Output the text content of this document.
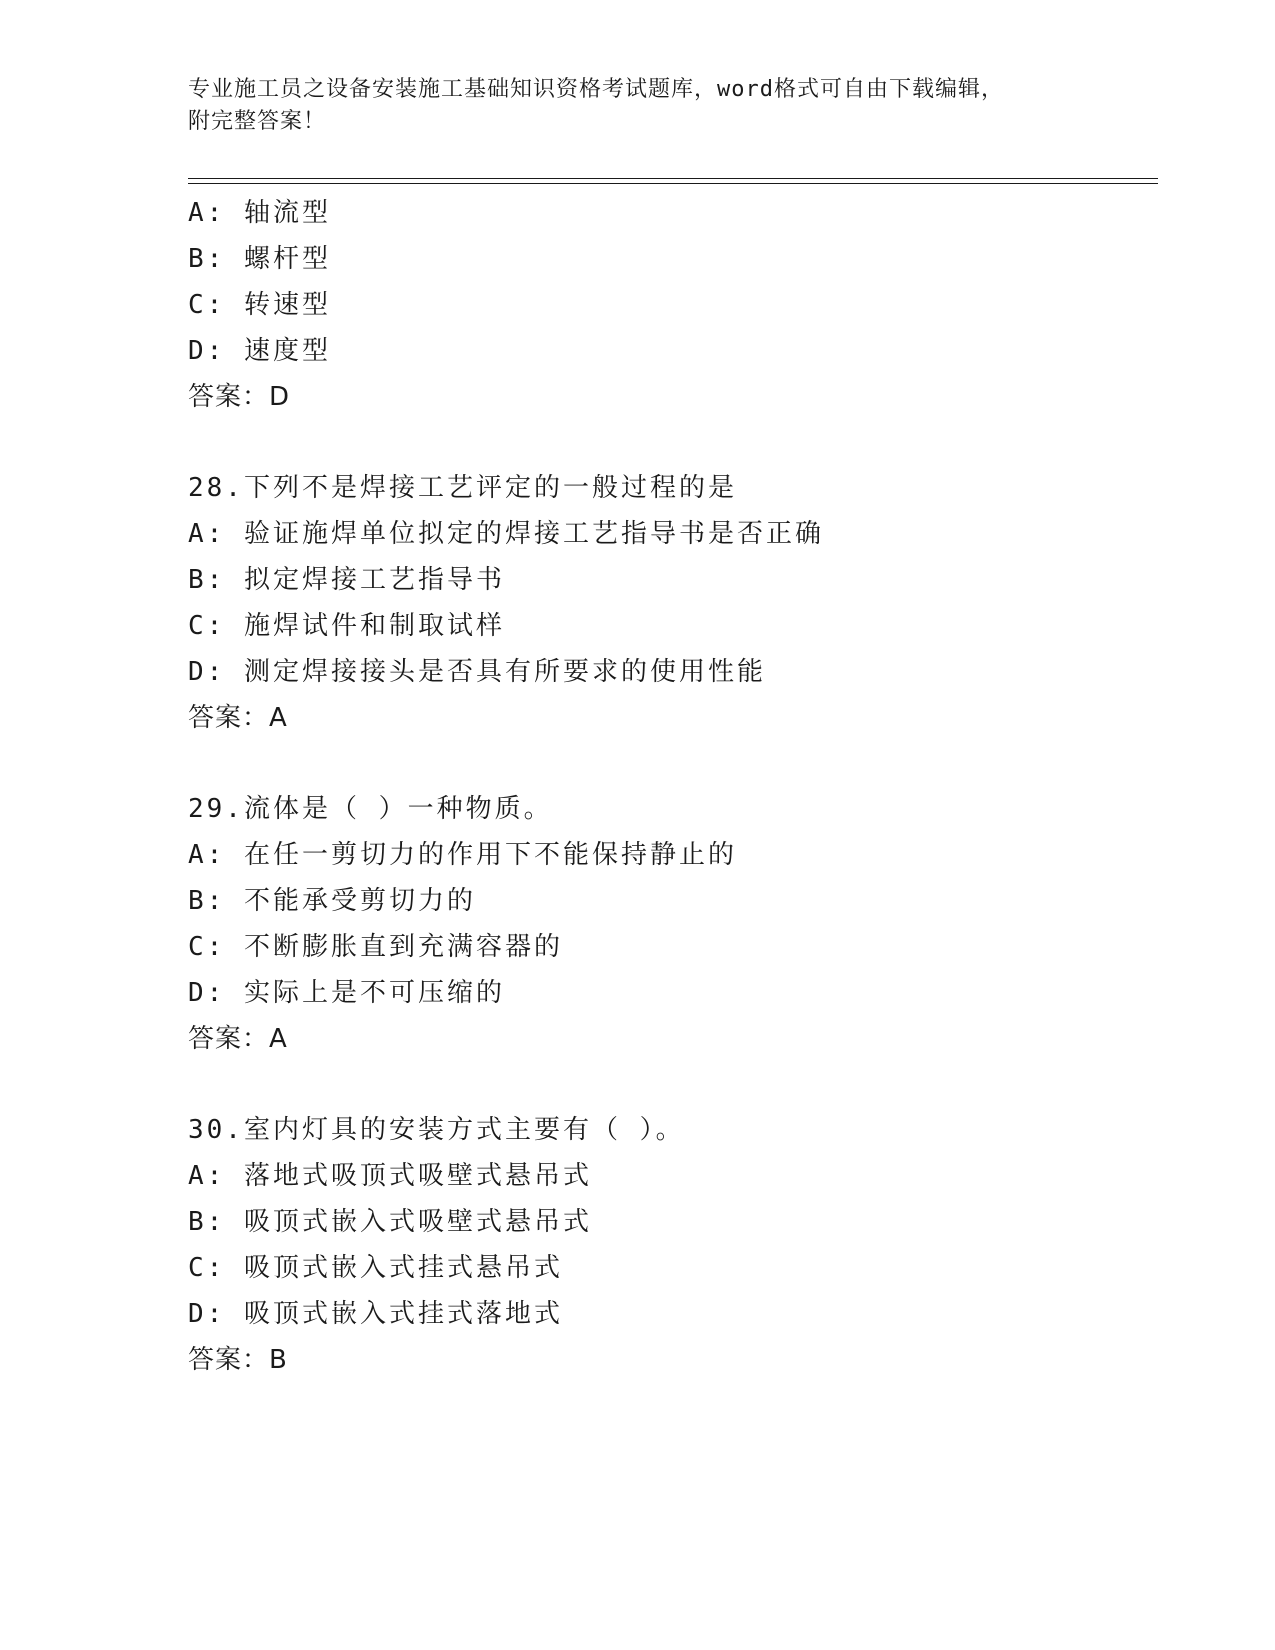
专业施工员之设备安装施工基础知识资格考试题库，word格式可自由下载编辑，
附完整答案！
A: 轴流型
B: 螺杆型
C: 转速型
D: 速度型
答案：D
28.下列不是焊接工艺评定的一般过程的是
A: 验证施焊单位拟定的焊接工艺指导书是否正确
B: 拟定焊接工艺指导书
C: 施焊试件和制取试样
D: 测定焊接接头是否具有所要求的使用性能
答案：A
29.流体是（ ）一种物质。
A: 在任一剪切力的作用下不能保持静止的
B: 不能承受剪切力的
C: 不断膨胀直到充满容器的
D: 实际上是不可压缩的
答案：A
30.室内灯具的安装方式主要有（ ）。
A: 落地式吸顶式吸壁式悬吊式
B: 吸顶式嵌入式吸壁式悬吊式
C: 吸顶式嵌入式挂式悬吊式
D: 吸顶式嵌入式挂式落地式
答案：B
